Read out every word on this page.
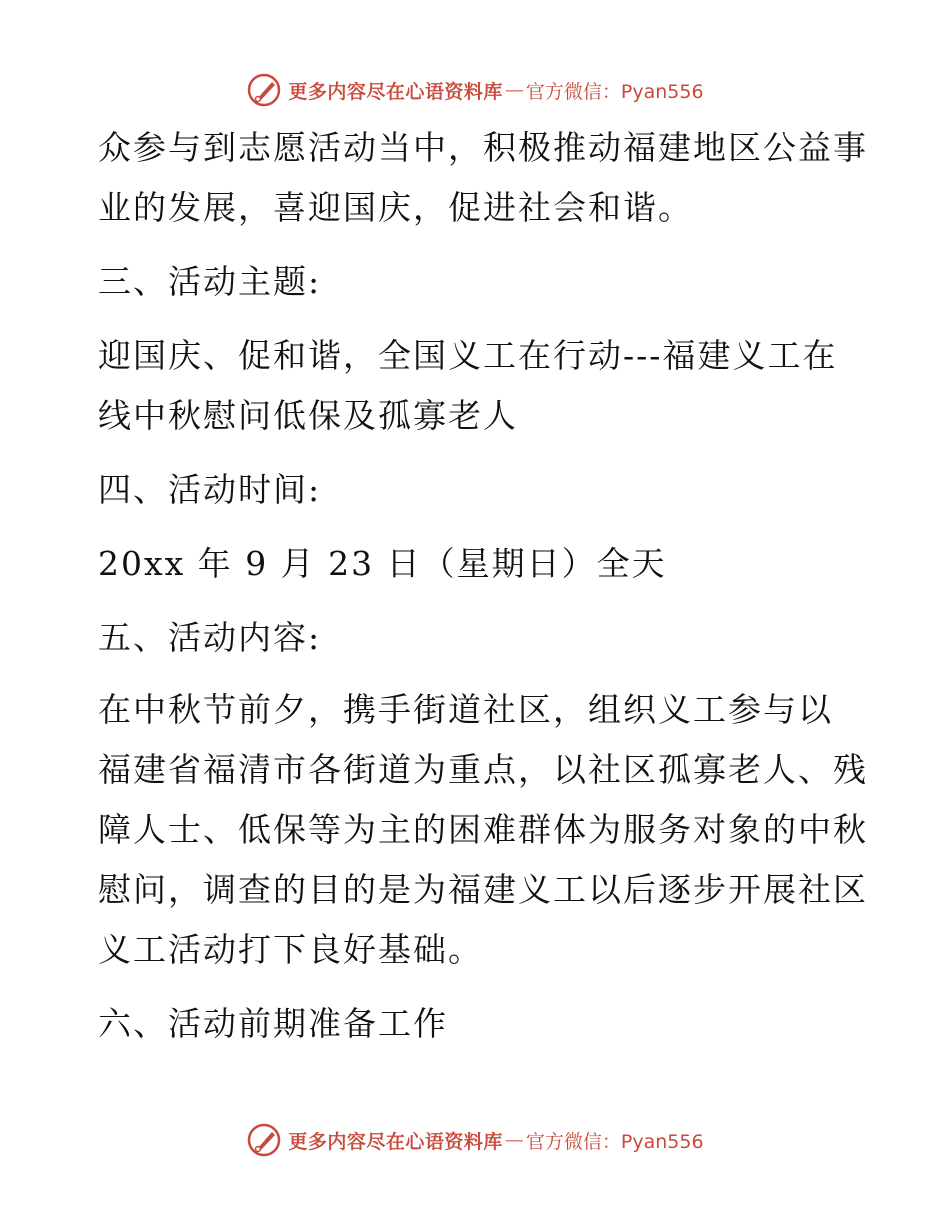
更多内容尽在心语资料库 — 官方微信：Pyan556
众参与到志愿活动当中，积极推动福建地区公益事
业的发展，喜迎国庆，促进社会和谐。
三、活动主题:
迎国庆、促和谐，全国义工在行动---福建义工在
线中秋慰问低保及孤寡老人
四、活动时间:
20xx 年 9 月 23 日（星期日）全天
五、活动内容:
在中秋节前夕，携手街道社区，组织义工参与以
福建省福清市各街道为重点，以社区孤寡老人、残
障人士、低保等为主的困难群体为服务对象的中秋
慰问，调查的目的是为福建义工以后逐步开展社区
义工活动打下良好基础。
六、活动前期准备工作
更多内容尽在心语资料库 — 官方微信：Pyan556
